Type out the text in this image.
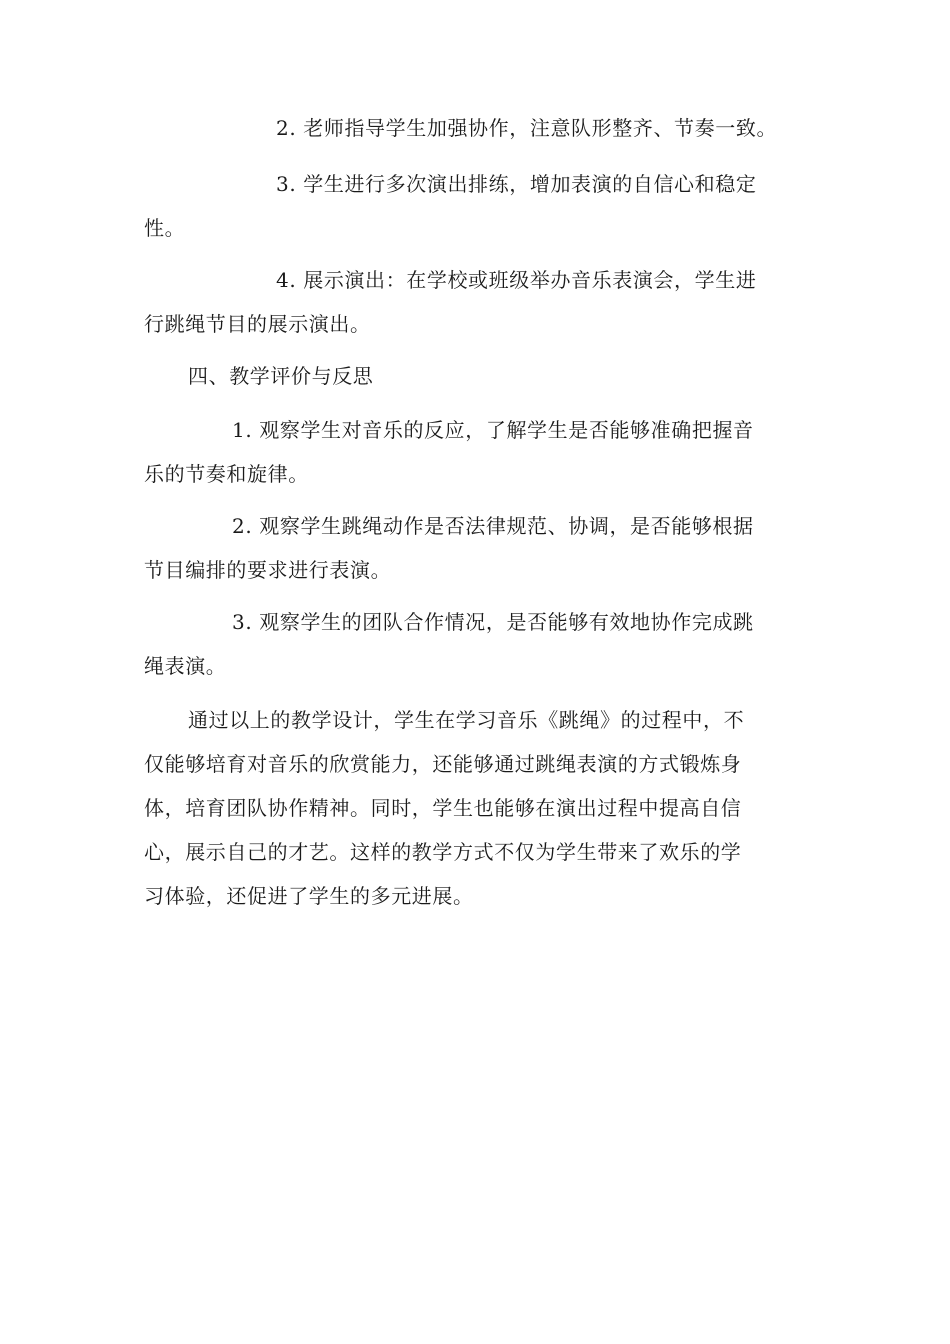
2. 老师指导学生加强协作，注意队形整齐、节奏一致。

3. 学生进行多次演出排练，增加表演的自信心和稳定
性。

4. 展示演出：在学校或班级举办音乐表演会，学生进
行跳绳节目的展示演出。

四、教学评价与反思

1. 观察学生对音乐的反应，了解学生是否能够准确把握音
乐的节奏和旋律。

2. 观察学生跳绳动作是否法律规范、协调，是否能够根据
节目编排的要求进行表演。

3. 观察学生的团队合作情况，是否能够有效地协作完成跳
绳表演。

通过以上的教学设计，学生在学习音乐《跳绳》的过程中，不
仅能够培育对音乐的欣赏能力，还能够通过跳绳表演的方式锻炼身
体，培育团队协作精神。同时，学生也能够在演出过程中提高自信
心，展示自己的才艺。这样的教学方式不仅为学生带来了欢乐的学
习体验，还促进了学生的多元进展。
